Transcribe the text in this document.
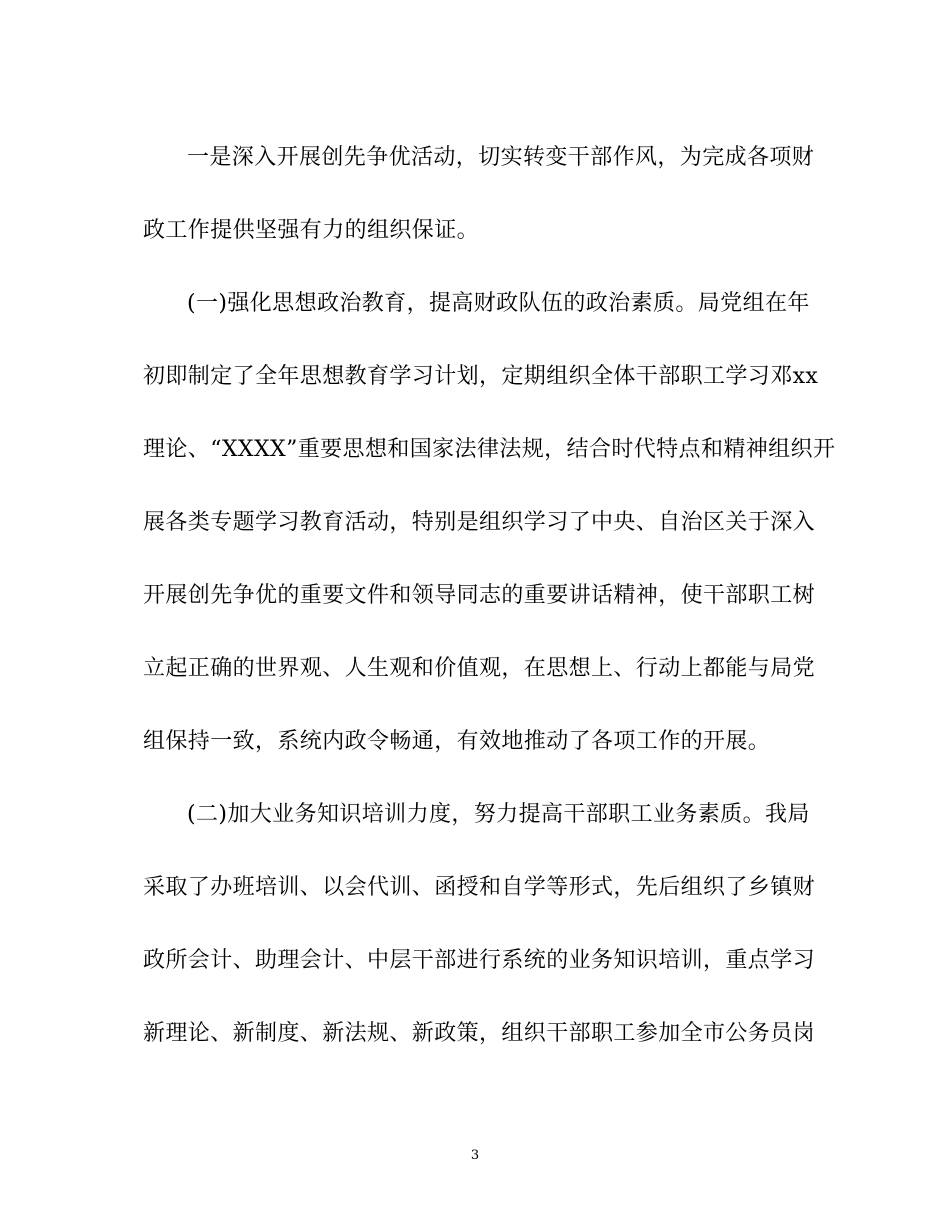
一是深入开展创先争优活动，切实转变干部作风，为完成各项财
政工作提供坚强有力的组织保证。
(一)强化思想政治教育，提高财政队伍的政治素质。局党组在年
初即制定了全年思想教育学习计划，定期组织全体干部职工学习邓xx
理论、“XXXX”重要思想和国家法律法规，结合时代特点和精神组织开
展各类专题学习教育活动，特别是组织学习了中央、自治区关于深入
开展创先争优的重要文件和领导同志的重要讲话精神，使干部职工树
立起正确的世界观、人生观和价值观，在思想上、行动上都能与局党
组保持一致，系统内政令畅通，有效地推动了各项工作的开展。
(二)加大业务知识培训力度，努力提高干部职工业务素质。我局
采取了办班培训、以会代训、函授和自学等形式，先后组织了乡镇财
政所会计、助理会计、中层干部进行系统的业务知识培训，重点学习
新理论、新制度、新法规、新政策，组织干部职工参加全市公务员岗
3
